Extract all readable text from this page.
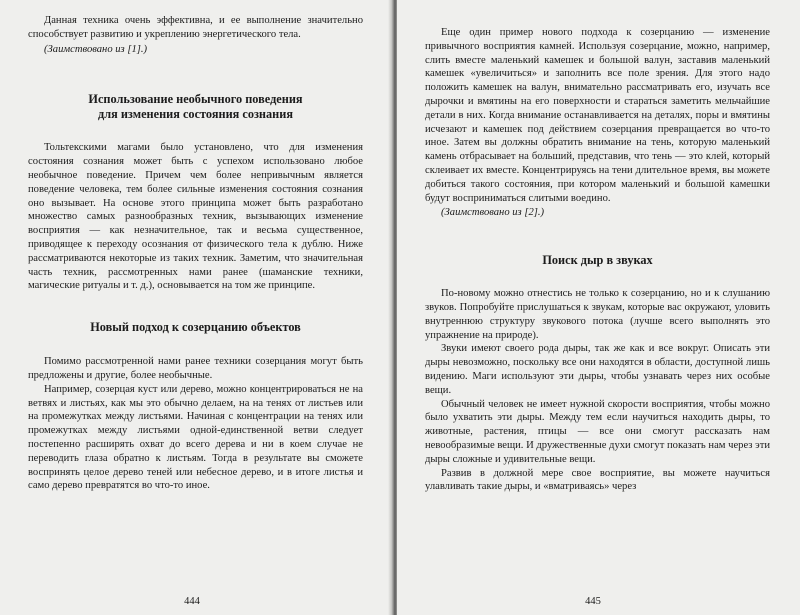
Данная техника очень эффективна, и ее выполнение значительно способствует развитию и укреплению энергетического тела.

(Заимствовано из [1].)

Использование необычного поведения
для изменения состояния сознания

Тольтекскими магами было установлено, что для изменения состояния сознания может быть с успехом использовано любое необычное поведение. Причем чем более непривычным является поведение человека, тем более сильные изменения состояния сознания оно вызывает. На основе этого принципа может быть разработано множество самых разнообразных техник, вызывающих изменение восприятия — как незначительное, так и весьма существенное, приводящее к переходу осознания от физического тела к дублю. Ниже рассматриваются некоторые из таких техник. Заметим, что значительная часть техник, рассмотренных нами ранее (шаманские техники, магические ритуалы и т. д.), основывается на том же принципе.

Новый подход к созерцанию объектов

Помимо рассмотренной нами ранее техники созерцания могут быть предложены и другие, более необычные.

Например, созерцая куст или дерево, можно концентрироваться не на ветвях и листьях, как мы это обычно делаем, на на тенях от листьев или на промежутках между листьями. Начиная с концентрации на тенях или промежутках между листьями одной-единственной ветви следует постепенно расширять охват до всего дерева и ни в коем случае не переводить глаза обратно к листьям. Тогда в результате вы сможете воспринять целое дерево теней или небесное дерево, и в итоге листья и само дерево превратятся во что-то иное.

444

Еще один пример нового подхода к созерцанию — изменение привычного восприятия камней. Используя созерцание, можно, например, слить вместе маленький камешек и большой валун, заставив маленький камешек «увеличиться» и заполнить все поле зрения. Для этого надо положить камешек на валун, внимательно рассматривать его, изучать все дырочки и вмятины на его поверхности и стараться заметить мельчайшие детали в них. Когда внимание останавливается на деталях, поры и вмятины исчезают и камешек под действием созерцания превращается во что-то иное. Затем вы должны обратить внимание на тень, которую маленький камень отбрасывает на больший, представив, что тень — это клей, который склеивает их вместе. Концентрируясь на тени длительное время, вы можете добиться такого состояния, при котором маленький и большой камешки будут восприниматься слитыми воедино.

(Заимствовано из [2].)

Поиск дыр в звуках

По-новому можно отнестись не только к созерцанию, но и к слушанию звуков. Попробуйте прислушаться к звукам, которые вас окружают, уловить внутреннюю структуру звукового потока (лучше всего выполнять это упражнение на природе).

Звуки имеют своего рода дыры, так же как и все вокруг. Описать эти дыры невозможно, поскольку все они находятся в области, доступной лишь видению. Маги используют эти дыры, чтобы узнавать через них особые вещи.

Обычный человек не имеет нужной скорости восприятия, чтобы можно было ухватить эти дыры. Между тем если научиться находить дыры, то животные, растения, птицы — все они смогут рассказать нам невообразимые вещи. И дружественные духи смогут показать нам через эти дыры сложные и удивительные вещи.

Развив в должной мере свое восприятие, вы можете научиться улавливать такие дыры, и «вматриваясь» через

445
